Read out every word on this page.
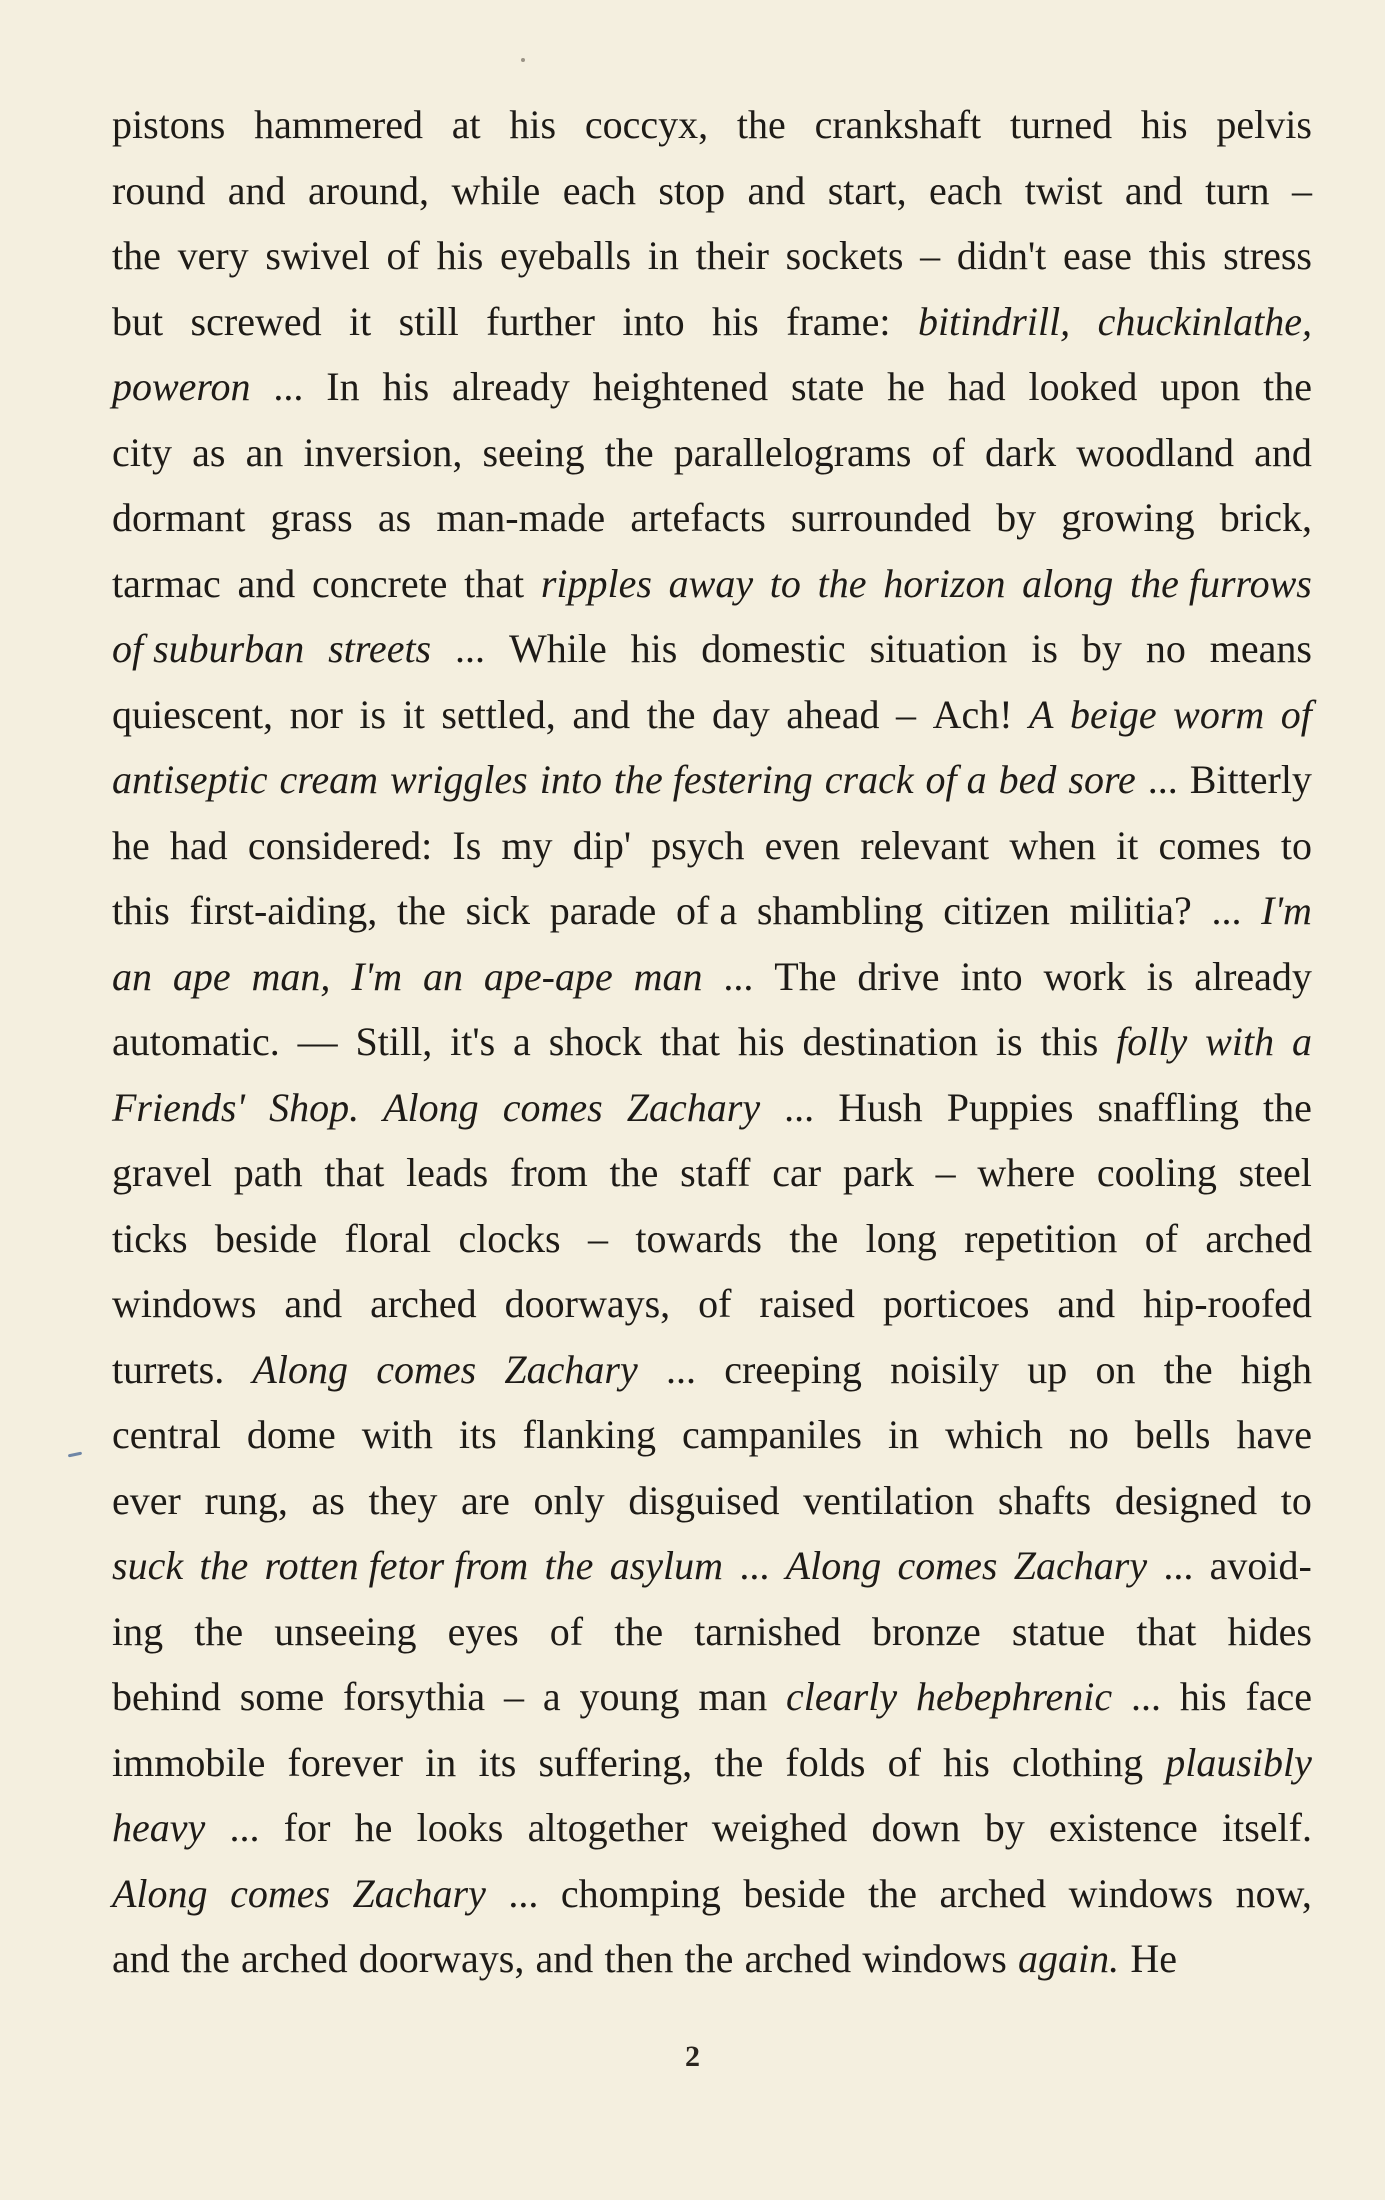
pistons hammered at his coccyx, the crankshaft turned his pelvis
round and around, while each stop and start, each twist and turn –
the very swivel of his eyeballs in their sockets – didn't ease this stress
but screwed it still further into his frame: bitindrill, chuckinlathe,
poweron ... In his already heightened state he had looked upon the
city as an inversion, seeing the parallelograms of dark woodland and
dormant grass as man-made artefacts surrounded by growing brick,
tarmac and concrete that ripples away to the horizon along the furrows
of suburban streets ... While his domestic situation is by no means
quiescent, nor is it settled, and the day ahead – Ach! A beige worm of
antiseptic cream wriggles into the festering crack of a bed sore ... Bitterly
he had considered: Is my dip' psych even relevant when it comes to
this first-aiding, the sick parade of a shambling citizen militia? ... I'm
an ape man, I'm an ape-ape man ... The drive into work is already
automatic. — Still, it's a shock that his destination is this folly with a
Friends' Shop. Along comes Zachary ... Hush Puppies snaffling the
gravel path that leads from the staff car park – where cooling steel
ticks beside floral clocks – towards the long repetition of arched
windows and arched doorways, of raised porticoes and hip-roofed
turrets. Along comes Zachary ... creeping noisily up on the high
central dome with its flanking campaniles in which no bells have
ever rung, as they are only disguised ventilation shafts designed to
suck the rotten fetor from the asylum ... Along comes Zachary ... avoid-
ing the unseeing eyes of the tarnished bronze statue that hides
behind some forsythia – a young man clearly hebephrenic ... his face
immobile forever in its suffering, the folds of his clothing plausibly
heavy ... for he looks altogether weighed down by existence itself.
Along comes Zachary ... chomping beside the arched windows now,
and the arched doorways, and then the arched windows again. He
2
